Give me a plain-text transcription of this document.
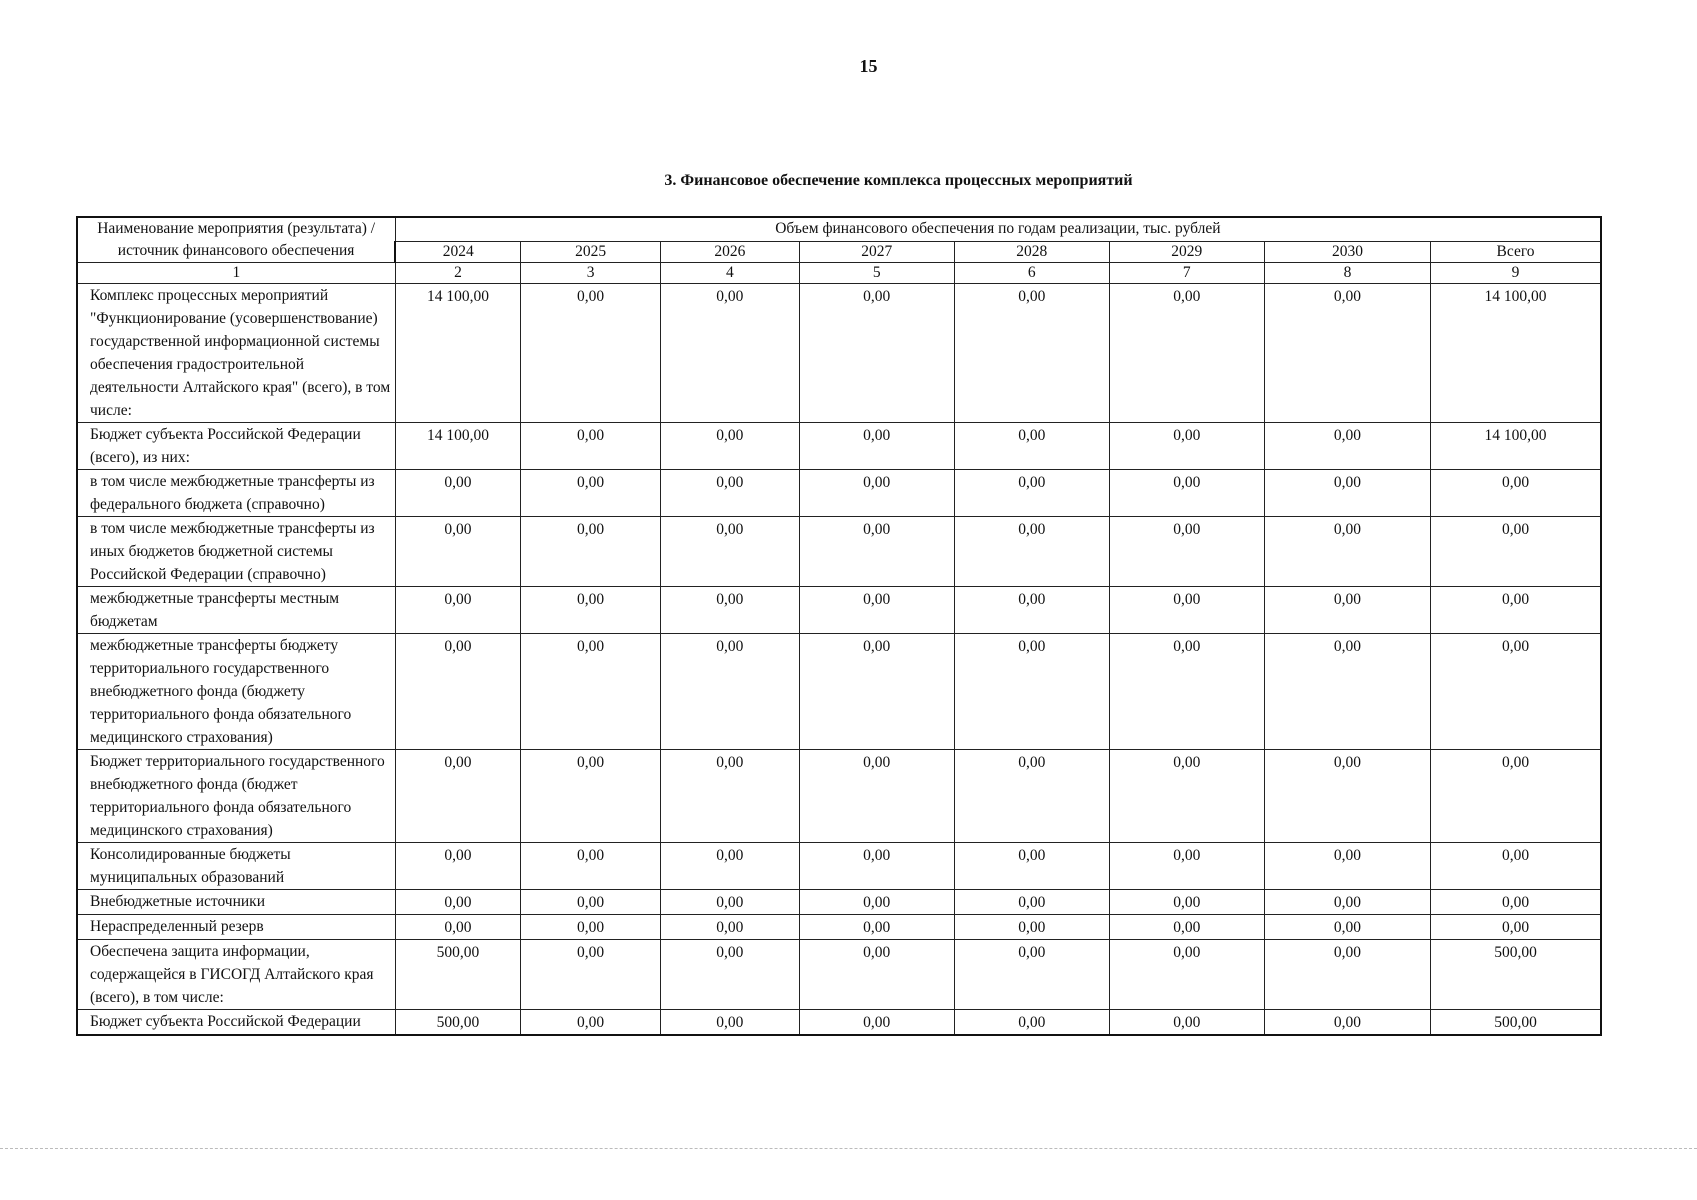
15
3. Финансовое обеспечение комплекса процессных мероприятий
Наименование мероприятия (результата) / источник финансового обеспечения	Объем финансового обеспечения по годам реализации, тыс. рублей							
	2024	2025	2026	2027	2028	2029	2030	Всего
1	2	3	4	5	6	7	8	9
Комплекс процессных мероприятий "Функционирование (усовершенствование) государственной информационной системы обеспечения градостроительной деятельности Алтайского края" (всего), в том числе:	14 100,00	0,00	0,00	0,00	0,00	0,00	0,00	14 100,00
Бюджет субъекта Российской Федерации (всего), из них:	14 100,00	0,00	0,00	0,00	0,00	0,00	0,00	14 100,00
в том числе межбюджетные трансферты из федерального бюджета (справочно)	0,00	0,00	0,00	0,00	0,00	0,00	0,00	0,00
в том числе межбюджетные трансферты из иных бюджетов бюджетной системы Российской Федерации (справочно)	0,00	0,00	0,00	0,00	0,00	0,00	0,00	0,00
межбюджетные трансферты местным бюджетам	0,00	0,00	0,00	0,00	0,00	0,00	0,00	0,00
межбюджетные трансферты бюджету территориального государственного внебюджетного фонда (бюджету территориального фонда обязательного медицинского страхования)	0,00	0,00	0,00	0,00	0,00	0,00	0,00	0,00
Бюджет территориального государственного внебюджетного фонда (бюджет территориального фонда обязательного медицинского страхования)	0,00	0,00	0,00	0,00	0,00	0,00	0,00	0,00
Консолидированные бюджеты муниципальных образований	0,00	0,00	0,00	0,00	0,00	0,00	0,00	0,00
Внебюджетные источники	0,00	0,00	0,00	0,00	0,00	0,00	0,00	0,00
Нераспределенный резерв	0,00	0,00	0,00	0,00	0,00	0,00	0,00	0,00
Обеспечена защита информации, содержащейся в ГИСОГД Алтайского края (всего), в том числе:	500,00	0,00	0,00	0,00	0,00	0,00	0,00	500,00
Бюджет субъекта Российской Федерации	500,00	0,00	0,00	0,00	0,00	0,00	0,00	500,00
